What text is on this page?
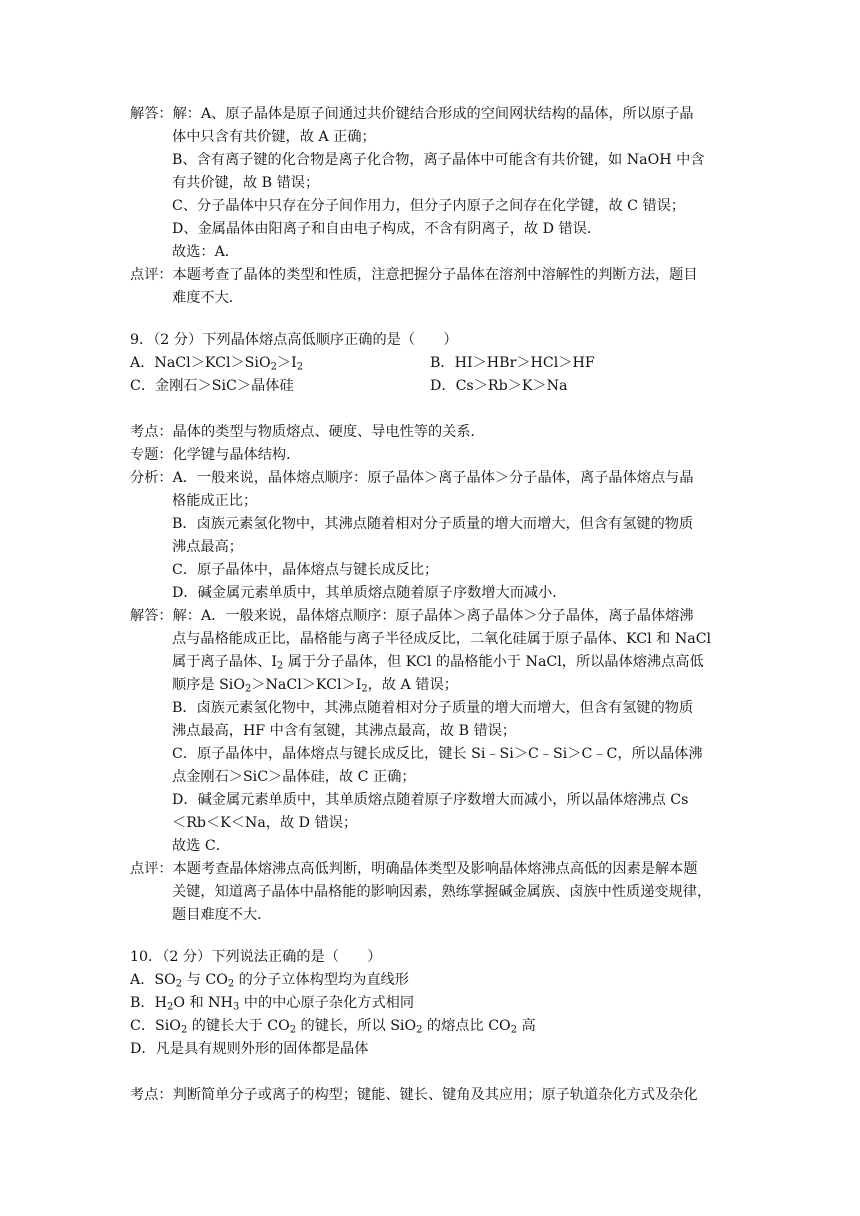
解答：解：A、原子晶体是原子间通过共价键结合形成的空间网状结构的晶体，所以原子晶
体中只含有共价键，故 A 正确；
B、含有离子键的化合物是离子化合物，离子晶体中可能含有共价键，如 NaOH 中含
有共价键，故 B 错误；
C、分子晶体中只存在分子间作用力，但分子内原子之间存在化学键，故 C 错误；
D、金属晶体由阳离子和自由电子构成，不含有阴离子，故 D 错误．
故选：A．
点评：本题考查了晶体的类型和性质，注意把握分子晶体在溶剂中溶解性的判断方法，题目
难度不大．
9．（2 分）下列晶体熔点高低顺序正确的是（　　）
A．$NaCl>KCl>SiO_2>I_2$	B．HI＞HBr＞HCl＞HF
C．金刚石＞SiC＞晶体硅	D．Cs＞Rb＞K＞Na
考点：晶体的类型与物质熔点、硬度、导电性等的关系．
专题：化学键与晶体结构．
分析：A．一般来说，晶体熔点顺序：原子晶体＞离子晶体＞分子晶体，离子晶体熔点与晶
格能成正比；
B．卤族元素氢化物中，其沸点随着相对分子质量的增大而增大，但含有氢键的物质
沸点最高；
C．原子晶体中，晶体熔点与键长成反比；
D．碱金属元素单质中，其单质熔点随着原子序数增大而减小．
解答：解：A．一般来说，晶体熔点顺序：原子晶体＞离子晶体＞分子晶体，离子晶体熔沸
点与晶格能成正比，晶格能与离子半径成反比，二氧化硅属于原子晶体、KCl 和 NaCl
属于离子晶体、$I_2$ 属于分子晶体，但 KCl 的晶格能小于 NaCl，所以晶体熔沸点高低
顺序是 $SiO_2>NaCl>KCl>I_2$，故 A 错误；
B．卤族元素氢化物中，其沸点随着相对分子质量的增大而增大，但含有氢键的物质
沸点最高，HF 中含有氢键，其沸点最高，故 B 错误；
C．原子晶体中，晶体熔点与键长成反比，键长 Si﹣Si＞C﹣Si＞C﹣C，所以晶体沸
点金刚石＞SiC＞晶体硅，故 C 正确；
D．碱金属元素单质中，其单质熔点随着原子序数增大而减小，所以晶体熔沸点 Cs
＜Rb＜K＜Na，故 D 错误；
故选 C．
点评：本题考查晶体熔沸点高低判断，明确晶体类型及影响晶体熔沸点高低的因素是解本题
关键，知道离子晶体中晶格能的影响因素，熟练掌握碱金属族、卤族中性质递变规律，
题目难度不大．
10．（2 分）下列说法正确的是（　　）
A．$SO_2$ 与 $CO_2$ 的分子立体构型均为直线形
B．$H_2O$ 和 $NH_3$ 中的中心原子杂化方式相同
C．SiO$_2$ 的键长大于 $CO_2$ 的键长，所以 SiO$_2$ 的熔点比 $CO_2$ 高
D．凡是具有规则外形的固体都是晶体
考点：判断简单分子或离子的构型；键能、键长、键角及其应用；原子轨道杂化方式及杂化
